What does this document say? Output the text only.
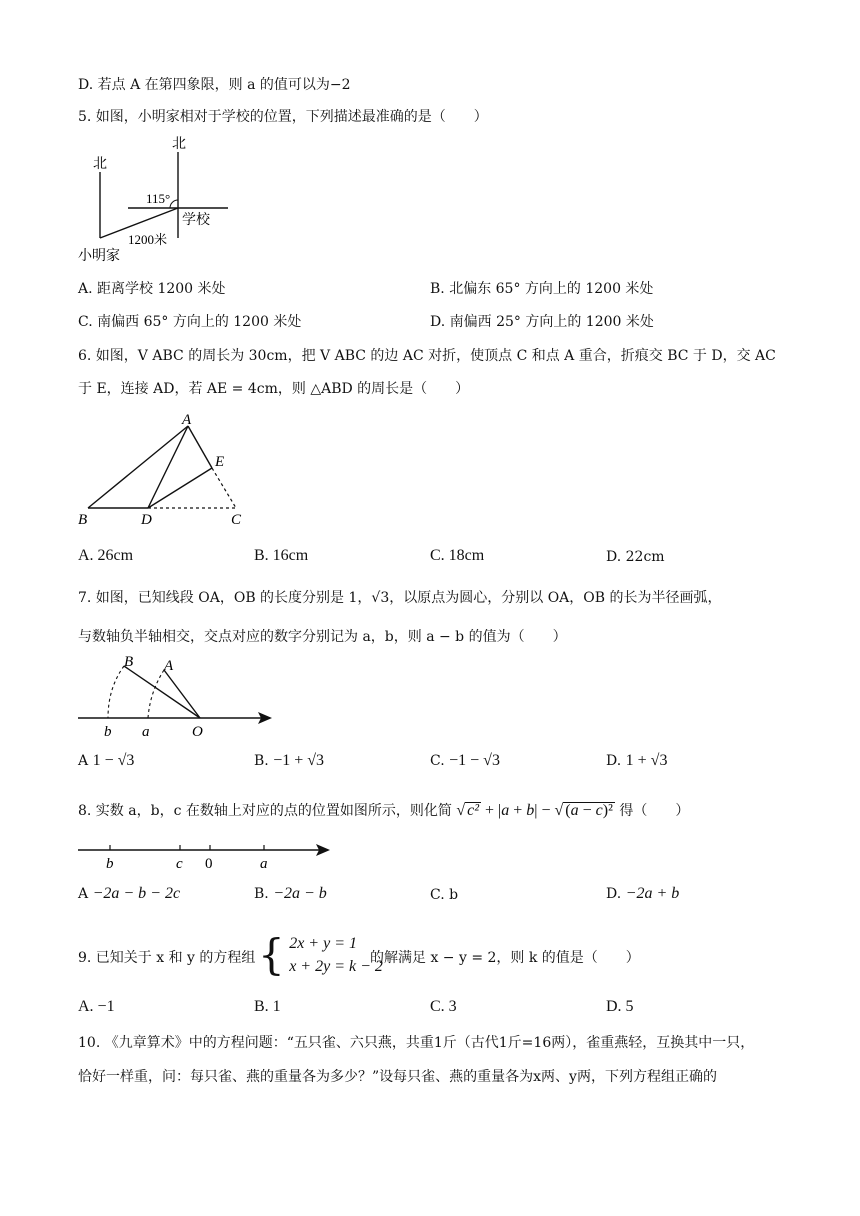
D. 若点 A 在第四象限，则 a 的值可以为−2
5. 如图，小明家相对于学校的位置，下列描述最准确的是（　　）
北
北
115°
学校
1200米
小明家
A. 距离学校 1200 米处	B. 北偏东 65° 方向上的 1200 米处
C. 南偏西 65° 方向上的 1200 米处	D. 南偏西 25° 方向上的 1200 米处
6. 如图，V ABC 的周长为 30cm，把 V ABC 的边 AC 对折，使顶点 C 和点 A 重合，折痕交 BC 于 D，交 AC
于 E，连接 AD，若 AE = 4cm，则 △ABD 的周长是（　　）
A
E
B	D	C
A. 26cm	B. 16cm	C. 18cm	D. 22cm
7. 如图，已知线段 OA，OB 的长度分别是 1，√3，以原点为圆心，分别以 OA，OB 的长为半径画弧，
与数轴负半轴相交，交点对应的数字分别记为 a，b，则 a − b 的值为（　　）
B A
b a	O
A 1 − √3	B. −1 + √3	C. −1 − √3	D. 1 + √3
8. 实数 a，b，c 在数轴上对应的点的位置如图所示，则化简 √ c² + |a + b| − √ (a − c)² 得（　　）
b	c 0	a
A −2a − b − 2c	B. −2a − b	C. b	D. −2a + b
9. 已知关于 x 和 y 的方程组 { 2x + y = 1
x + 2y = k − 2
的解满足 x − y = 2，则 k 的值是（　　）
A. −1	B. 1	C. 3	D. 5
10. 《九章算术》中的方程问题：“五只雀、六只燕，共重1斤（古代1斤=16两），雀重燕轻，互换其中一只，
恰好一样重，问：每只雀、燕的重量各为多少？”设每只雀、燕的重量各为x两、y两，下列方程组正确的
